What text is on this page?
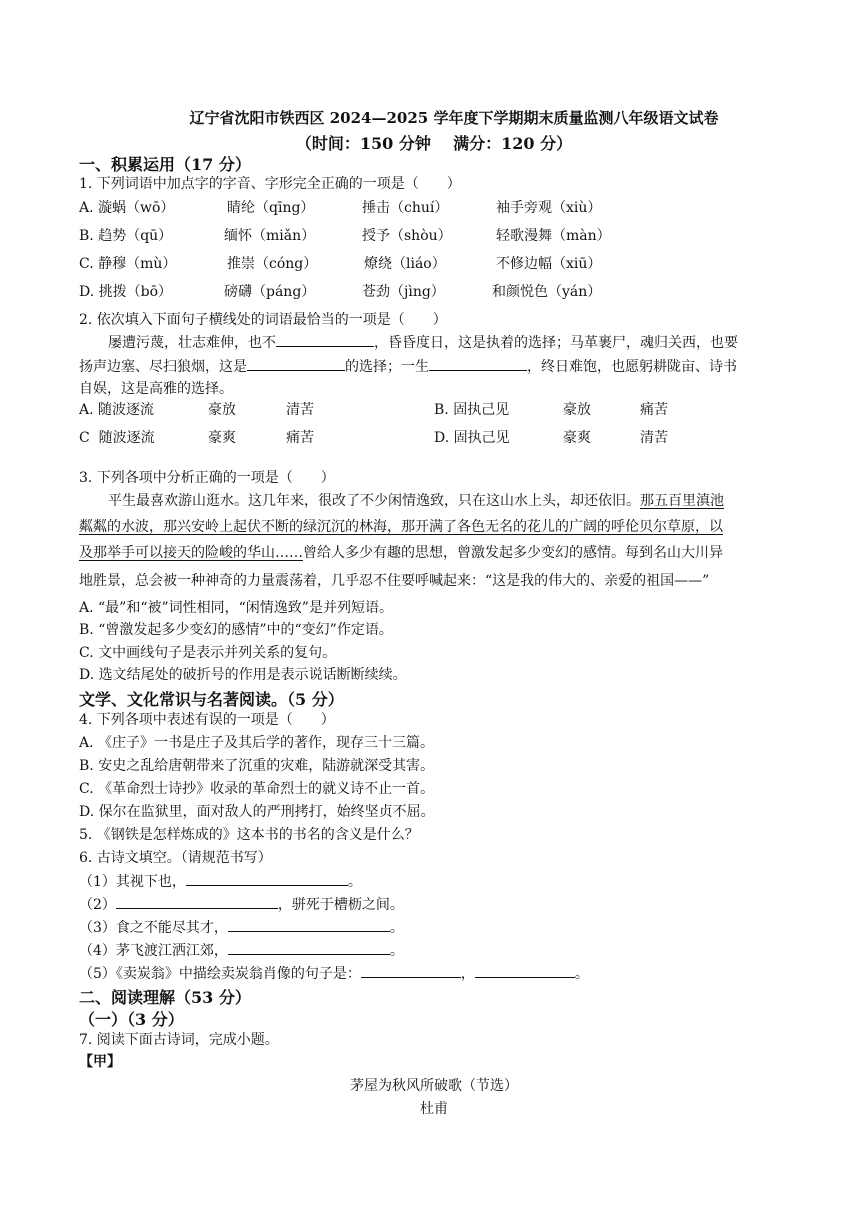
辽宁省沈阳市铁西区 2024—2025 学年度下学期期末质量监测八年级语文试卷
（时间：150 分钟    满分：120 分）
一、积累运用（17 分）
1. 下列词语中加点字的字音、字形完全正确的一项是（　　）
A. 漩蜗（wō）	睛纶（qīng）	捶击（chuí）	袖手旁观（xiù）
B. 趋势（qū）	缅怀（miǎn）	授予（shòu）	轻歌漫舞（màn）
C. 静穆（mù）	推崇（cóng）	燎绕（liáo）	不修边幅（xiū）
D. 挑拨（bō）	磅礴（páng）	苍劲（jìng）	和颜悦色（yán）
2. 依次填入下面句子横线处的词语最恰当的一项是（　　）
屡遭污蔑，壮志难伸，也不	，昏昏度日，这是执着的选择；马革裹尸，魂归关西，也要
扬声边塞、尽扫狼烟，这是	的选择；一生	，终日难饱，也愿躬耕陇亩、诗书
自娱，这是高雅的选择。
A. 随波逐流	豪放	清苦	B. 固执己见	豪放	痛苦
C  随波逐流	豪爽	痛苦	D. 固执己见	豪爽	清苦
3. 下列各项中分析正确的一项是（　　）
平生最喜欢游山逛水。这几年来，很改了不少闲情逸致，只在这山水上头，却还依旧。那五百里滇池
粼粼的水波，那兴安岭上起伏不断的绿沉沉的林海，那开满了各色无名的花儿的广阔的呼伦贝尔草原，以
及那举手可以接天的险峻的华山……曾给人多少有趣的思想，曾激发起多少变幻的感情。每到名山大川异
地胜景，总会被一种神奇的力量震荡着，几乎忍不住要呼喊起来：“这是我的伟大的、亲爱的祖国——”
A. “最”和“被”词性相同，“闲情逸致”是并列短语。
B. “曾激发起多少变幻的感情”中的“变幻”作定语。
C. 文中画线句子是表示并列关系的复句。
D. 选文结尾处的破折号的作用是表示说话断断续续。
文学、文化常识与名著阅读。（5 分）
4. 下列各项中表述有误的一项是（　　）
A. 《庄子》一书是庄子及其后学的著作，现存三十三篇。
B. 安史之乱给唐朝带来了沉重的灾难，陆游就深受其害。
C. 《革命烈士诗抄》收录的革命烈士的就义诗不止一首。
D. 保尔在监狱里，面对敌人的严刑拷打，始终坚贞不屈。
5. 《钢铁是怎样炼成的》这本书的书名的含义是什么？
6. 古诗文填空。（请规范书写）
（1）其视下也，	。
（2）	，骈死于槽枥之间。
（3）食之不能尽其才，	。
（4）茅飞渡江洒江郊，	。
（5）《卖炭翁》中描绘卖炭翁肖像的句子是：	，	。
二、阅读理解（53 分）
（一）（3 分）
7. 阅读下面古诗词，完成小题。
【甲】
茅屋为秋风所破歌（节选）
杜甫
